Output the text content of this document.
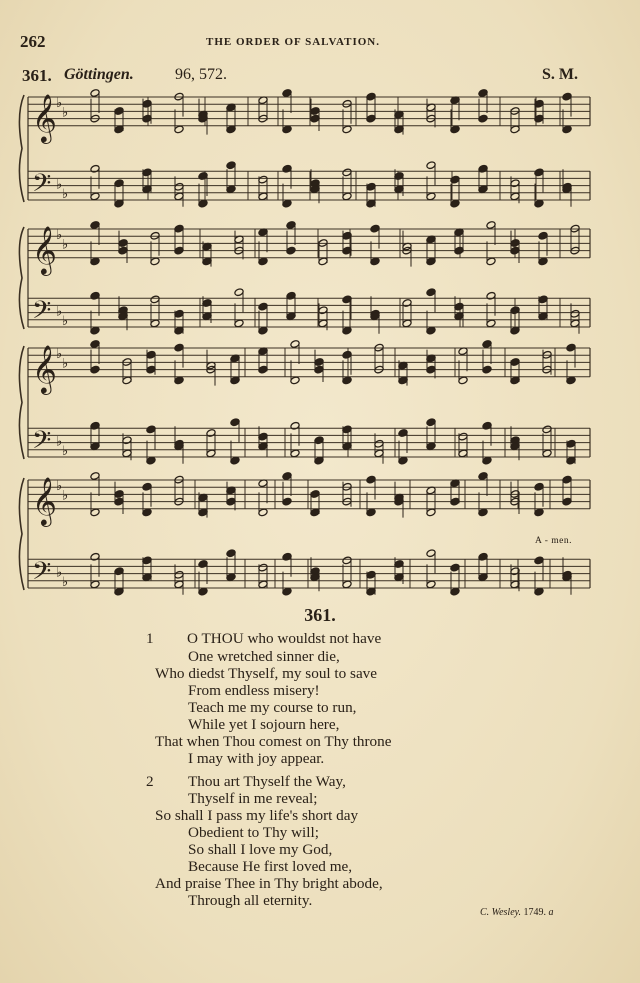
262	THE ORDER OF SALVATION.
361. Göttingen.	96, 572.	S. M.
𝄞
𝄢
♭
♭
♭
♭
𝄞
𝄢
♭
♭
♭
♭
𝄞
𝄢
♭
♭
♭
♭
𝄞
𝄢
♭
♭
♭
♭
A - men.
361.
1 O THOU who wouldst not have
One wretched sinner die,
Who diedst Thyself, my soul to save
From endless misery!
Teach me my course to run,
While yet I sojourn here,
That when Thou comest on Thy throne
I may with joy appear.
2 Thou art Thyself the Way,
Thyself in me reveal;
So shall I pass my life's short day
Obedient to Thy will;
So shall I love my God,
Because He first loved me,
And praise Thee in Thy bright abode,
Through all eternity.
C. Wesley. 1749. a
